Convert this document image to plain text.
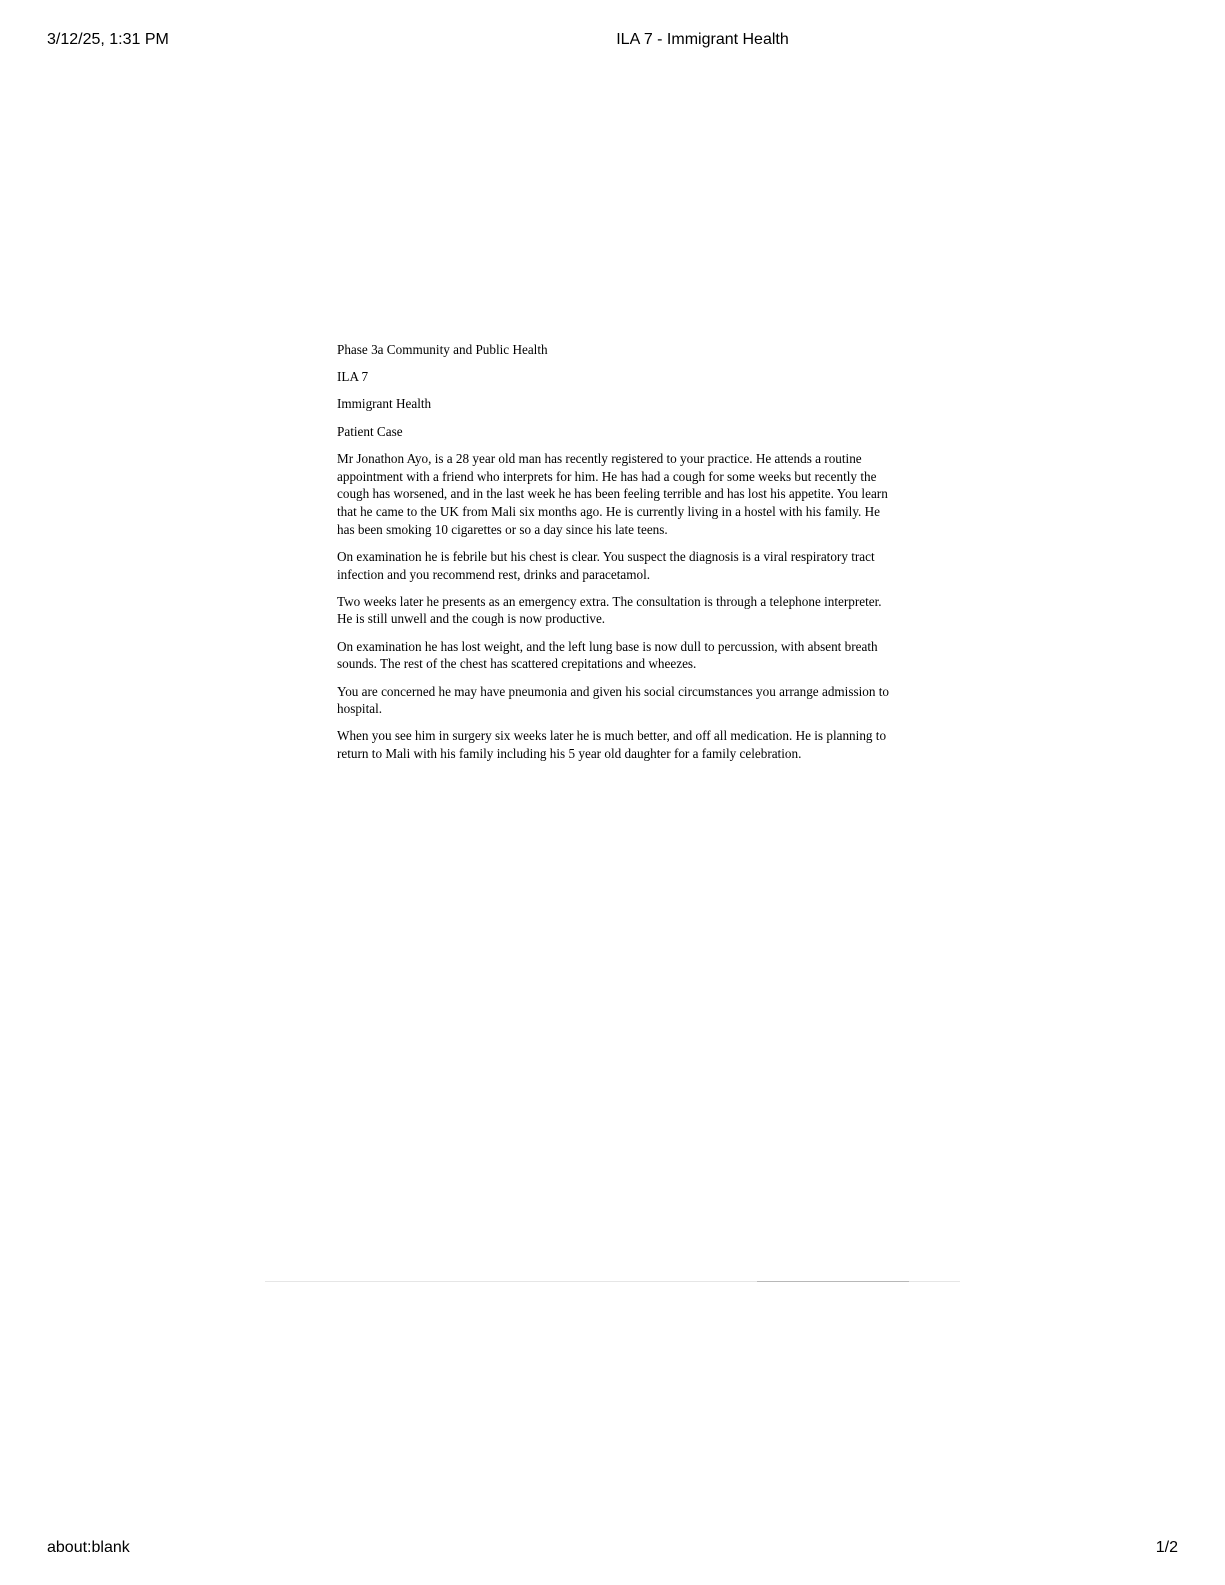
3/12/25, 1:31 PM	ILA 7 - Immigrant Health

Phase 3a Community and Public Health

ILA 7

Immigrant Health

Patient Case

Mr Jonathon Ayo, is a 28 year old man has recently registered to your practice. He attends a routine appointment with a friend who interprets for him. He has had a cough for some weeks but recently the cough has worsened, and in the last week he has been feeling terrible and has lost his appetite. You learn that he came to the UK from Mali six months ago. He is currently living in a hostel with his family. He has been smoking 10 cigarettes or so a day since his late teens.

On examination he is febrile but his chest is clear. You suspect the diagnosis is a viral respiratory tract infection and you recommend rest, drinks and paracetamol.

Two weeks later he presents as an emergency extra. The consultation is through a telephone interpreter. He is still unwell and the cough is now productive.

On examination he has lost weight, and the left lung base is now dull to percussion, with absent breath sounds. The rest of the chest has scattered crepitations and wheezes.

You are concerned he may have pneumonia and given his social circumstances you arrange admission to hospital.

When you see him in surgery six weeks later he is much better, and off all medication. He is planning to return to Mali with his family including his 5 year old daughter for a family celebration.

about:blank	1/2
